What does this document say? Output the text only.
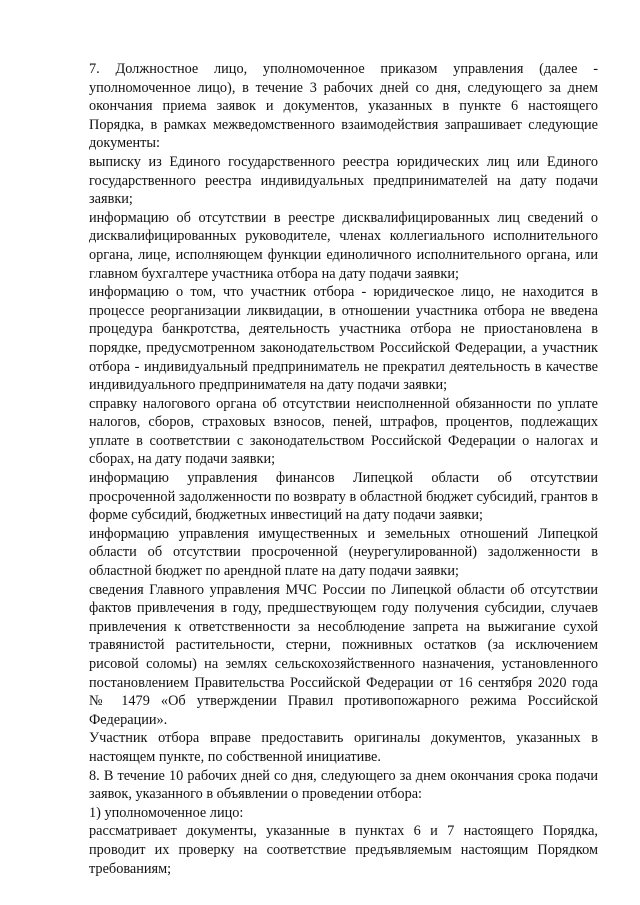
7. Должностное лицо, уполномоченное приказом управления (далее - уполномоченное лицо), в течение 3 рабочих дней со дня, следующего за днем окончания приема заявок и документов, указанных в пункте 6 настоящего Порядка, в рамках межведомственного взаимодействия запрашивает следующие документы:

выписку из Единого государственного реестра юридических лиц или Единого государственного реестра индивидуальных предпринимателей на дату подачи заявки;

информацию об отсутствии в реестре дисквалифицированных лиц сведений о дисквалифицированных руководителе, членах коллегиального исполнительного органа, лице, исполняющем функции единоличного исполнительного органа, или главном бухгалтере участника отбора на дату подачи заявки;

информацию о том, что участник отбора - юридическое лицо, не находится в процессе реорганизации ликвидации, в отношении участника отбора не введена процедура банкротства, деятельность участника отбора не приостановлена в порядке, предусмотренном законодательством Российской Федерации, а участник отбора - индивидуальный предприниматель не прекратил деятельность в качестве индивидуального предпринимателя на дату подачи заявки;

справку налогового органа об отсутствии неисполненной обязанности по уплате налогов, сборов, страховых взносов, пеней, штрафов, процентов, подлежащих уплате в соответствии с законодательством Российской Федерации о налогах и сборах, на дату подачи заявки;

информацию управления финансов Липецкой области об отсутствии просроченной задолженности по возврату в областной бюджет субсидий, грантов в форме субсидий, бюджетных инвестиций на дату подачи заявки;

информацию управления имущественных и земельных отношений Липецкой области об отсутствии просроченной (неурегулированной) задолженности в областной бюджет по арендной плате на дату подачи заявки;

сведения Главного управления МЧС России по Липецкой области об отсутствии фактов привлечения в году, предшествующем году получения субсидии, случаев привлечения к ответственности за несоблюдение запрета на выжигание сухой травянистой растительности, стерни, пожнивных остатков (за исключением рисовой соломы) на землях сельскохозяйственного назначения, установленного постановлением Правительства Российской Федерации от 16 сентября 2020 года № 1479 «Об утверждении Правил противопожарного режима Российской Федерации».

Участник отбора вправе предоставить оригиналы документов, указанных в настоящем пункте, по собственной инициативе.

8. В течение 10 рабочих дней со дня, следующего за днем окончания срока подачи заявок, указанного в объявлении о проведении отбора:

1) уполномоченное лицо:

рассматривает документы, указанные в пунктах 6 и 7 настоящего Порядка, проводит их проверку на соответствие предъявляемым настоящим Порядком требованиям;
